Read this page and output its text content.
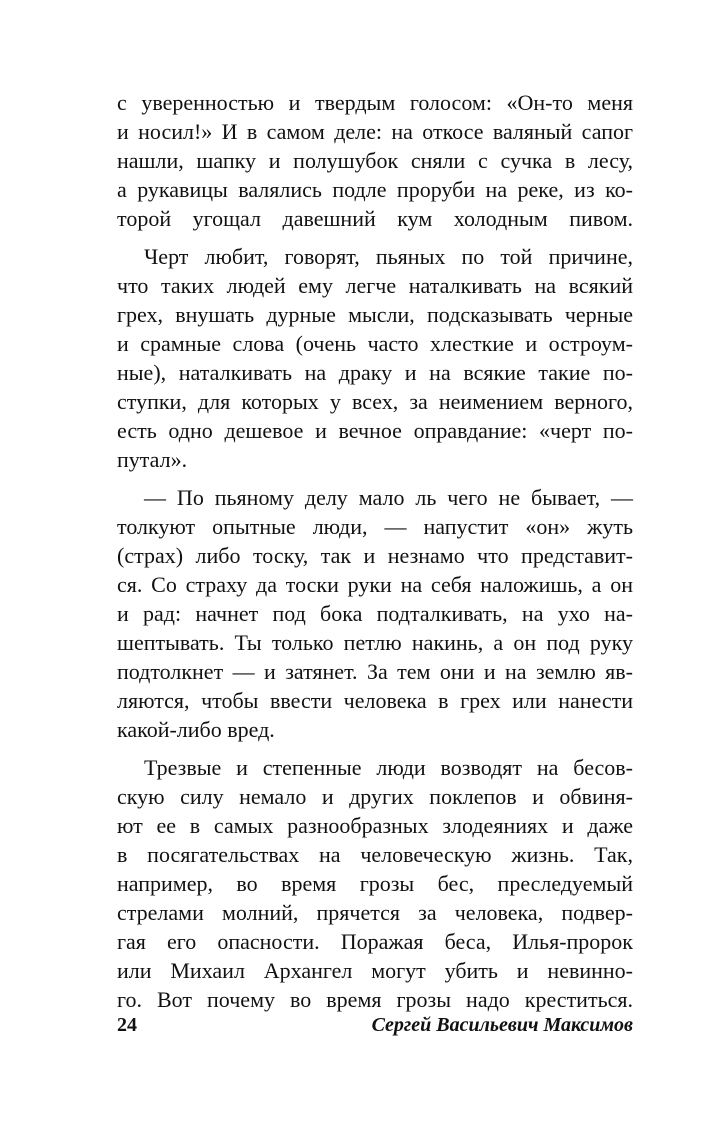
с уверенностью и твердым голосом: «Он-то меня
и носил!» И в самом деле: на откосе валяный сапог
нашли, шапку и полушубок сняли с сучка в лесу,
а рукавицы валялись подле проруби на реке, из ко-
торой угощал давешний кум холодным пивом.
Черт любит, говорят, пьяных по той причине,
что таких людей ему легче наталкивать на всякий
грех, внушать дурные мысли, подсказывать черные
и срамные слова (очень часто хлесткие и остроум-
ные), наталкивать на драку и на всякие такие по-
ступки, для которых у всех, за неимением верного,
есть одно дешевое и вечное оправдание: «черт по-
путал».
— По пьяному делу мало ль чего не бывает, —
толкуют опытные люди, — напустит «он» жуть
(страх) либо тоску, так и незнамо что представит-
ся. Со страху да тоски руки на себя наложишь, а он
и рад: начнет под бока подталкивать, на ухо на-
шептывать. Ты только петлю накинь, а он под руку
подтолкнет — и затянет. За тем они и на землю яв-
ляются, чтобы ввести человека в грех или нанести
какой-либо вред.
Трезвые и степенные люди возводят на бесов-
скую силу немало и других поклепов и обвиня-
ют ее в самых разнообразных злодеяниях и даже
в посягательствах на человеческую жизнь. Так,
например, во время грозы бес, преследуемый
стрелами молний, прячется за человека, подвер-
гая его опасности. Поражая беса, Илья-пророк
или Михаил Архангел могут убить и невинно-
го. Вот почему во время грозы надо креститься.
24	Сергей Васильевич Максимов
